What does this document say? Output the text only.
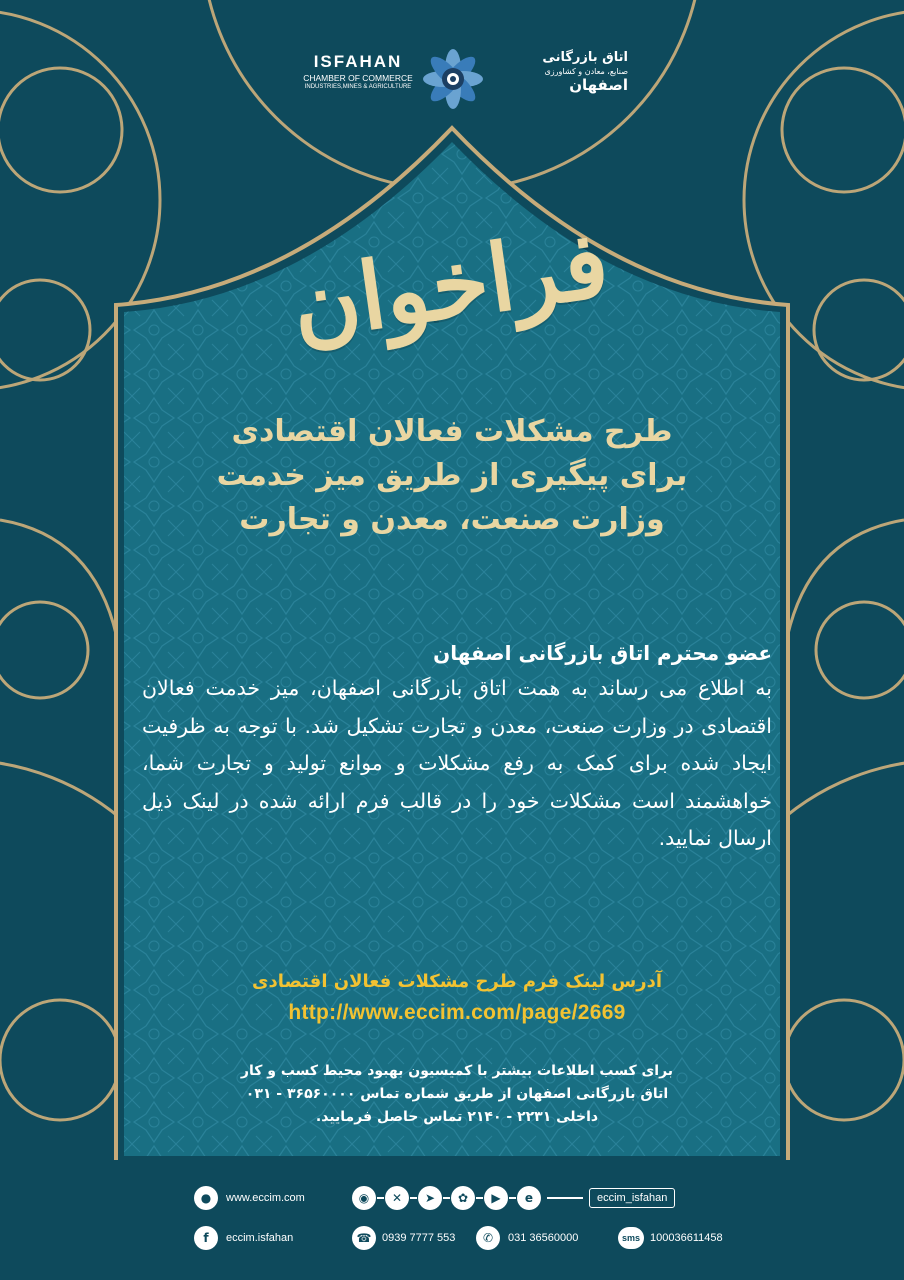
ISFAHAN
CHAMBER OF COMMERCE
INDUSTRIES,MINES & AGRICULTURE
اتاق بازرگانی
صنایع، معادن و کشاورزی
اصفهان
فراخوان
طرح مشکلات فعالان اقتصادی
برای پیگیری از طریق میز خدمت
وزارت صنعت، معدن و تجارت
عضو محترم اتاق بازرگانی اصفهان
به اطلاع می رساند به همت اتاق بازرگانی اصفهان، میز خدمت فعالان اقتصادی در وزارت صنعت، معدن و تجارت تشکیل شد. با توجه به ظرفیت ایجاد شده برای کمک به رفع مشکلات و موانع تولید و تجارت شما، خواهشمند است مشکلات خود را در قالب فرم ارائه شده در لینک ذیل ارسال نمایید.
آدرس لینک فرم طرح مشکلات فعالان اقتصادی
http://www.eccim.com/page/2669
برای کسب اطلاعات بیشتر با کمیسیون بهبود محیط کسب و کار
اتاق بازرگانی اصفهان از طریق شماره تماس ۳۶۵۶۰۰۰۰ - ۰۳۱
داخلی ۲۲۳۱ - ۲۱۴۰ تماس حاصل فرمایید.
●	www.eccim.com	◉	✕	➤	✿	▶	e	eccim_isfahan
f	eccim.isfahan	☎ 0939 7777 553	✆	031 36560000	sms 100036611458
